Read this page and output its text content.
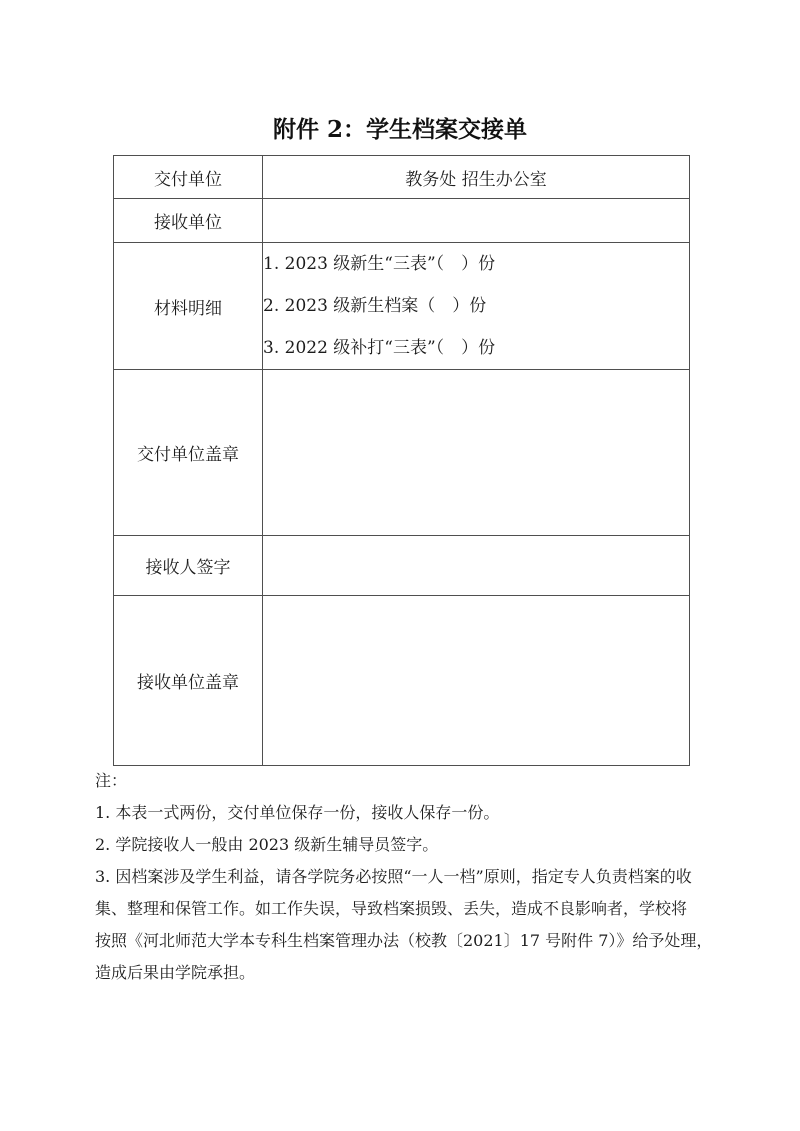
附件 2：学生档案交接单
交付单位	教务处 招生办公室
接收单位	
材料明细	1. 2023 级新生“三表”（　）份
2. 2023 级新生档案（　）份
3. 2022 级补打“三表”（　）份

交付单位盖章	
接收人签字	
接收单位盖章	
注：
1. 本表一式两份，交付单位保存一份，接收人保存一份。
2. 学院接收人一般由 2023 级新生辅导员签字。
3. 因档案涉及学生利益，请各学院务必按照“一人一档”原则，指定专人负责档案的收
集、整理和保管工作。如工作失误，导致档案损毁、丢失，造成不良影响者，学校将
按照《河北师范大学本专科生档案管理办法（校教〔2021〕17 号附件 7）》给予处理，
造成后果由学院承担。
